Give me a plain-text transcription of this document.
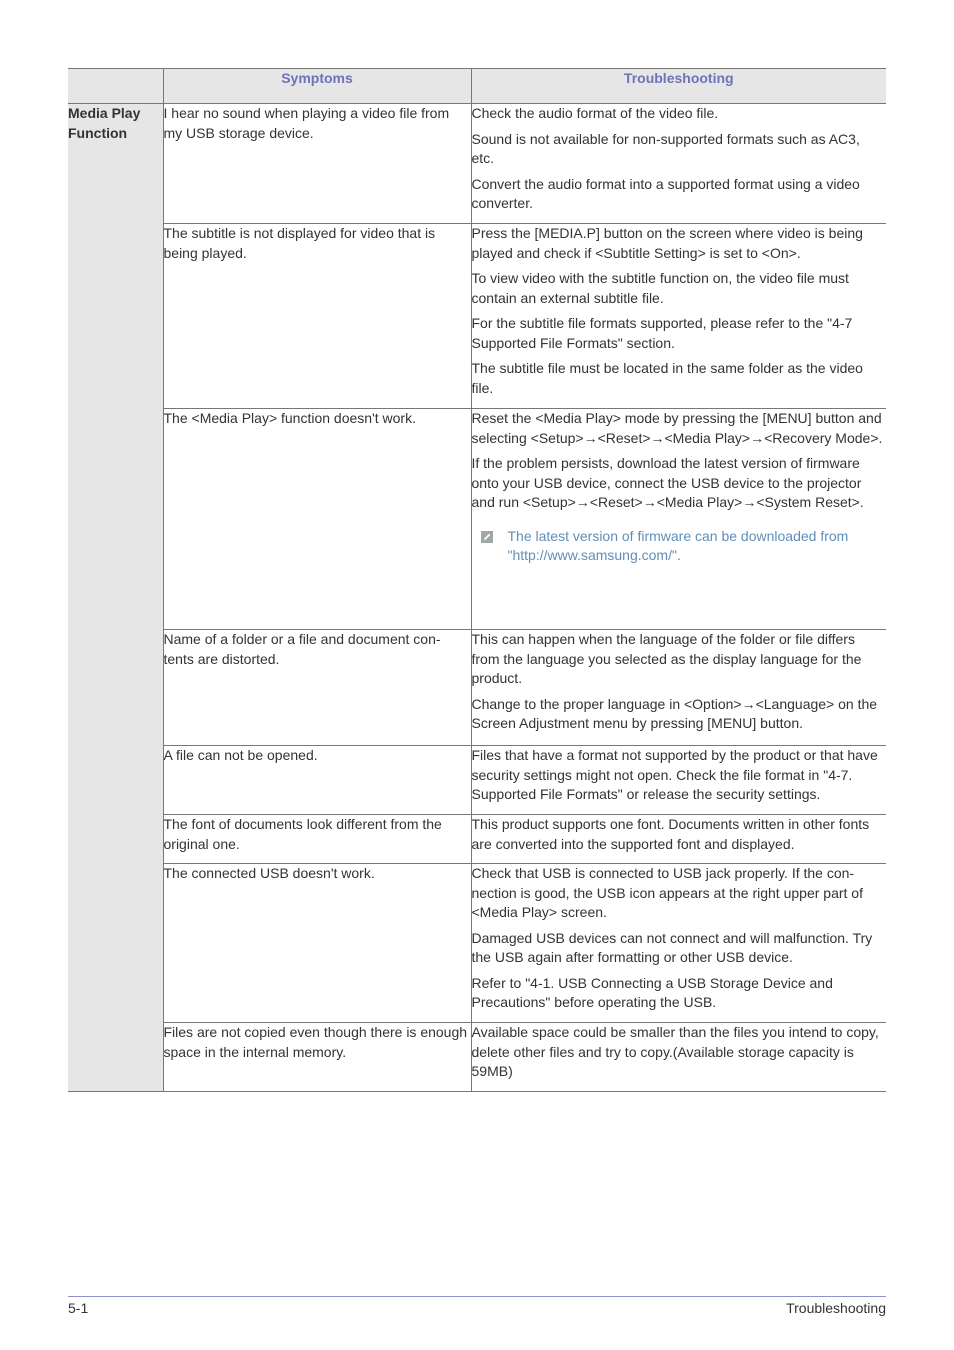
	Symptoms	Troubleshooting
Media Play Function	I hear no sound when playing a video file from my USB storage device.	Check the audio format of the video file.

Sound is not available for non-supported formats such as AC3, etc.

Convert the audio format into a supported format using a video converter.

	The subtitle is not displayed for video that is being played.	Press the [MEDIA.P] button on the screen where video is being played and check if <Subtitle Setting> is set to <On>.

To view video with the subtitle function on, the video file must contain an external subtitle file.

For the subtitle file formats supported, please refer to the "4-7 Supported File Formats" section.

The subtitle file must be located in the same folder as the video file.

	The <Media Play> function doesn't work.	Reset the <Media Play> mode by pressing the [MENU] button and selecting <Setup>→<Reset>→<Media Play>→<Recovery Mode>.

If the problem persists, download the latest version of firmware onto your USB device, connect the USB device to the projector and run <Setup>→<Reset>→<Media Play>→<System Reset>.

The latest version of firmware can be downloaded from "http://www.samsung.com/".

	Name of a folder or a file and document con-tents are distorted.	This can happen when the language of the folder or file differs from the language you selected as the display language for the product.

Change to the proper language in <Option>→<Language> on the Screen Adjustment menu by pressing [MENU] button.

	A file can not be opened.	Files that have a format not supported by the product or that have security settings might not open. Check the file format in "4-7. Supported File Formats" or release the security settings.

	The font of documents look different from the original one.	This product supports one font. Documents written in other fonts are converted into the supported font and displayed.

	The connected USB doesn't work.	Check that USB is connected to USB jack properly. If the con-nection is good, the USB icon appears at the right upper part of <Media Play> screen.

Damaged USB devices can not connect and will malfunction. Try the USB again after formatting or other USB device.

Refer to "4-1. USB Connecting a USB Storage Device and Precautions" before operating the USB.

	Files are not copied even though there is enough space in the internal memory.	Available space could be smaller than the files you intend to copy, delete other files and try to copy.(Available storage capacity is 59MB)

5-1	Troubleshooting
